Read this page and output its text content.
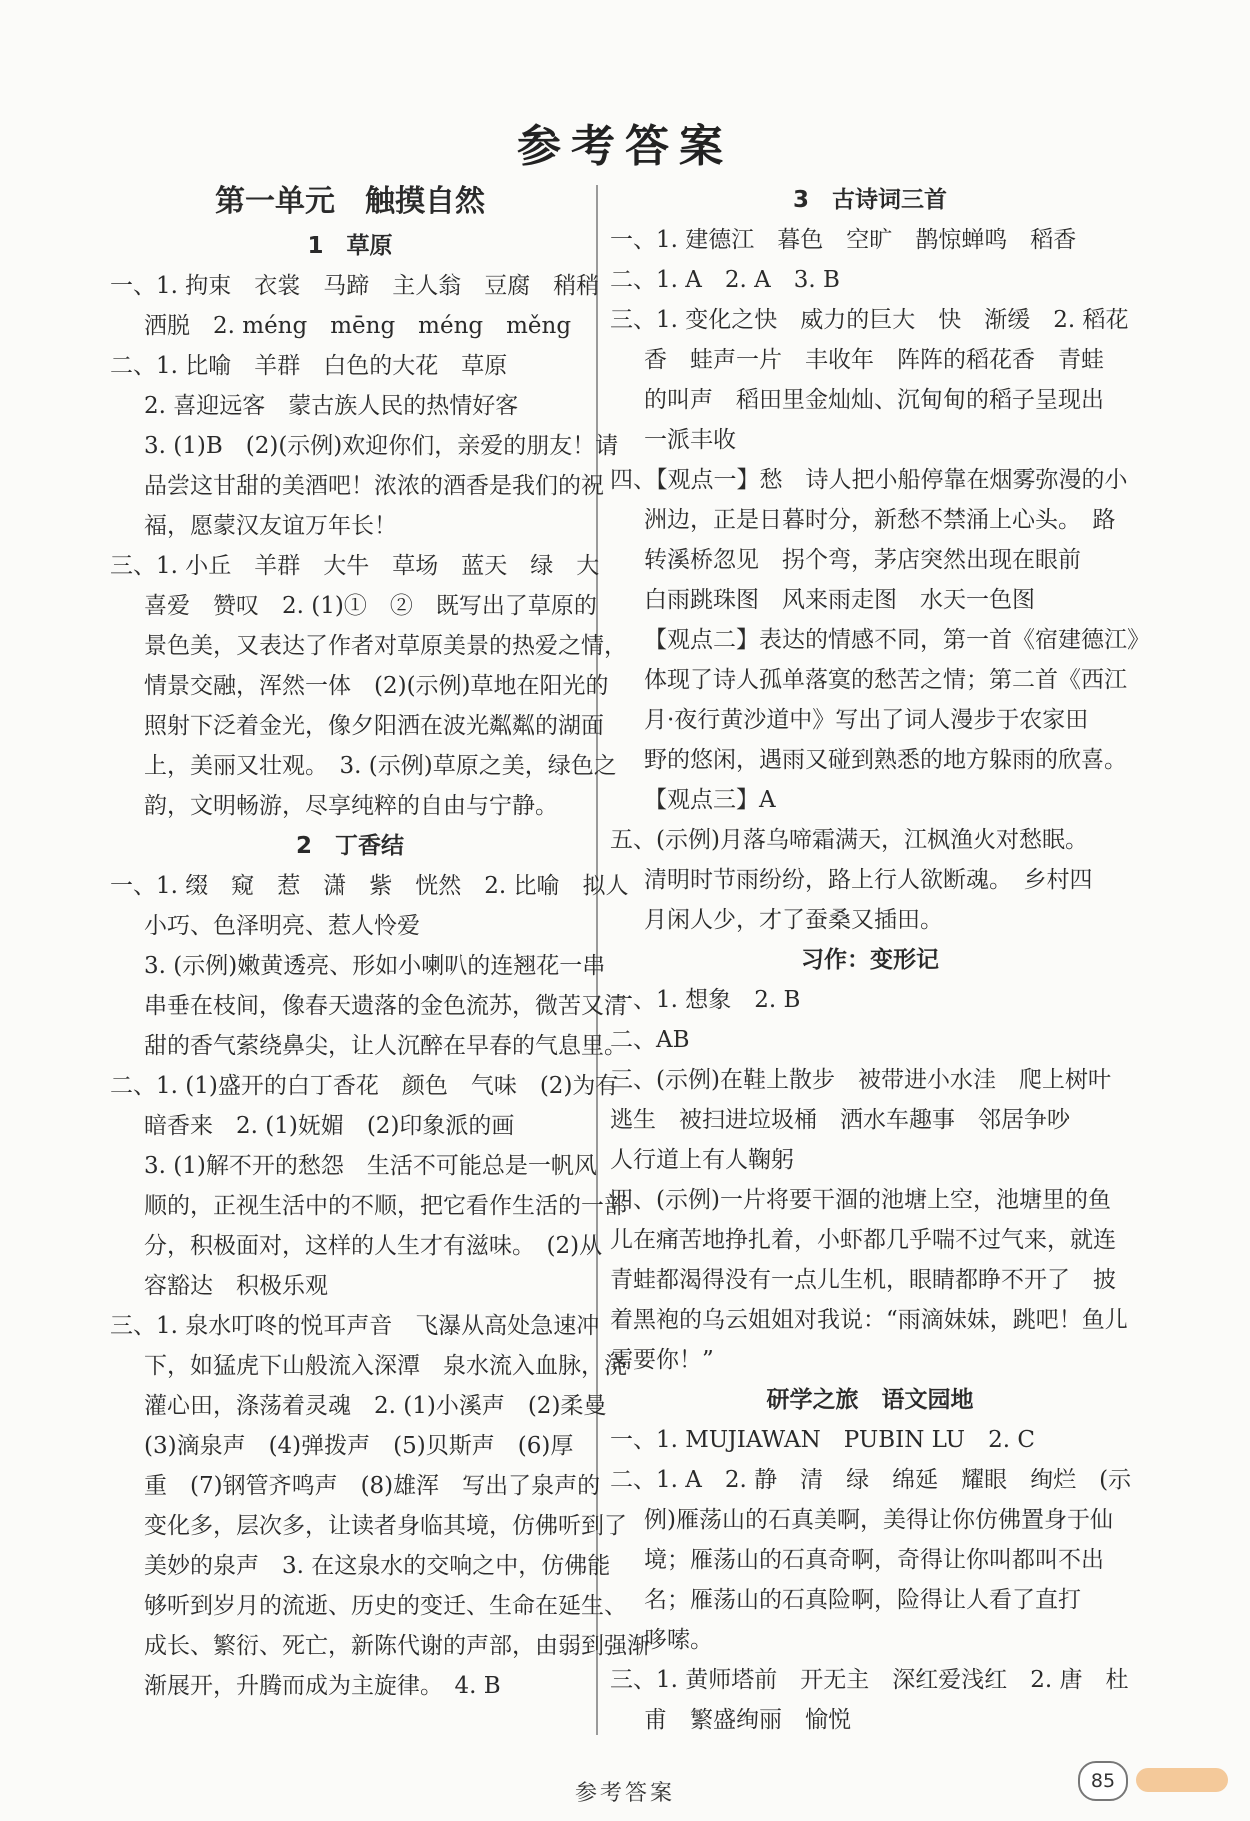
参考答案
第一单元　触摸自然
1　草原
一、1. 拘束　衣裳　马蹄　主人翁　豆腐　稍稍
洒脱　2. méng　mēng　méng　měng
二、1. 比喻　羊群　白色的大花　草原
2. 喜迎远客　蒙古族人民的热情好客
3. (1)B　(2)(示例)欢迎你们，亲爱的朋友！请
品尝这甘甜的美酒吧！浓浓的酒香是我们的祝
福，愿蒙汉友谊万年长！
三、1. 小丘　羊群　大牛　草场　蓝天　绿　大
喜爱　赞叹　2. (1)①　②　既写出了草原的
景色美，又表达了作者对草原美景的热爱之情，
情景交融，浑然一体　(2)(示例)草地在阳光的
照射下泛着金光，像夕阳洒在波光粼粼的湖面
上，美丽又壮观。　3. (示例)草原之美，绿色之
韵，文明畅游，尽享纯粹的自由与宁静。
2　丁香结
一、1. 缀　窥　惹　潇　紫　恍然　2. 比喻　拟人
小巧、色泽明亮、惹人怜爱
3. (示例)嫩黄透亮、形如小喇叭的连翘花一串
串垂在枝间，像春天遗落的金色流苏，微苦又清
甜的香气萦绕鼻尖，让人沉醉在早春的气息里。
二、1. (1)盛开的白丁香花　颜色　气味　(2)为有
暗香来　2. (1)妩媚　(2)印象派的画
3. (1)解不开的愁怨　生活不可能总是一帆风
顺的，正视生活中的不顺，把它看作生活的一部
分，积极面对，这样的人生才有滋味。　(2)从
容豁达　积极乐观
三、1. 泉水叮咚的悦耳声音　飞瀑从高处急速冲
下，如猛虎下山般流入深潭　泉水流入血脉，浇
灌心田，涤荡着灵魂　2. (1)小溪声　(2)柔曼
(3)滴泉声　(4)弹拨声　(5)贝斯声　(6)厚
重　(7)钢管齐鸣声　(8)雄浑　写出了泉声的
变化多，层次多，让读者身临其境，仿佛听到了
美妙的泉声　3. 在这泉水的交响之中，仿佛能
够听到岁月的流逝、历史的变迁、生命在延生、
成长、繁衍、死亡，新陈代谢的声部，由弱到强渐
渐展开，升腾而成为主旋律。　4. B
3　古诗词三首
一、1. 建德江　暮色　空旷　鹊惊蝉鸣　稻香
二、1. A　2. A　3. B
三、1. 变化之快　威力的巨大　快　渐缓　2. 稻花
香　蛙声一片　丰收年　阵阵的稻花香　青蛙
的叫声　稻田里金灿灿、沉甸甸的稻子呈现出
一派丰收
四、【观点一】愁　诗人把小船停靠在烟雾弥漫的小
洲边，正是日暮时分，新愁不禁涌上心头。　路
转溪桥忽见　拐个弯，茅店突然出现在眼前
白雨跳珠图　风来雨走图　水天一色图
【观点二】表达的情感不同，第一首《宿建德江》
体现了诗人孤单落寞的愁苦之情；第二首《西江
月·夜行黄沙道中》写出了词人漫步于农家田
野的悠闲，遇雨又碰到熟悉的地方躲雨的欣喜。
【观点三】A
五、(示例)月落乌啼霜满天，江枫渔火对愁眠。
清明时节雨纷纷，路上行人欲断魂。　乡村四
月闲人少，才了蚕桑又插田。
习作：变形记
一、1. 想象　2. B
二、AB
三、(示例)在鞋上散步　被带进小水洼　爬上树叶
逃生　被扫进垃圾桶　洒水车趣事　邻居争吵
人行道上有人鞠躬
四、(示例)一片将要干涸的池塘上空，池塘里的鱼
儿在痛苦地挣扎着，小虾都几乎喘不过气来，就连
青蛙都渴得没有一点儿生机，眼睛都睁不开了　披
着黑袍的乌云姐姐对我说：“雨滴妹妹，跳吧！鱼儿
需要你！”
研学之旅　语文园地
一、1. MUJIAWAN　PUBIN LU　2. C
二、1. A　2. 静　清　绿　绵延　耀眼　绚烂　(示
例)雁荡山的石真美啊，美得让你仿佛置身于仙
境；雁荡山的石真奇啊，奇得让你叫都叫不出
名；雁荡山的石真险啊，险得让人看了直打
哆嗦。
三、1. 黄师塔前　开无主　深红爱浅红　2. 唐　杜
甫　繁盛绚丽　愉悦
参考答案	85
